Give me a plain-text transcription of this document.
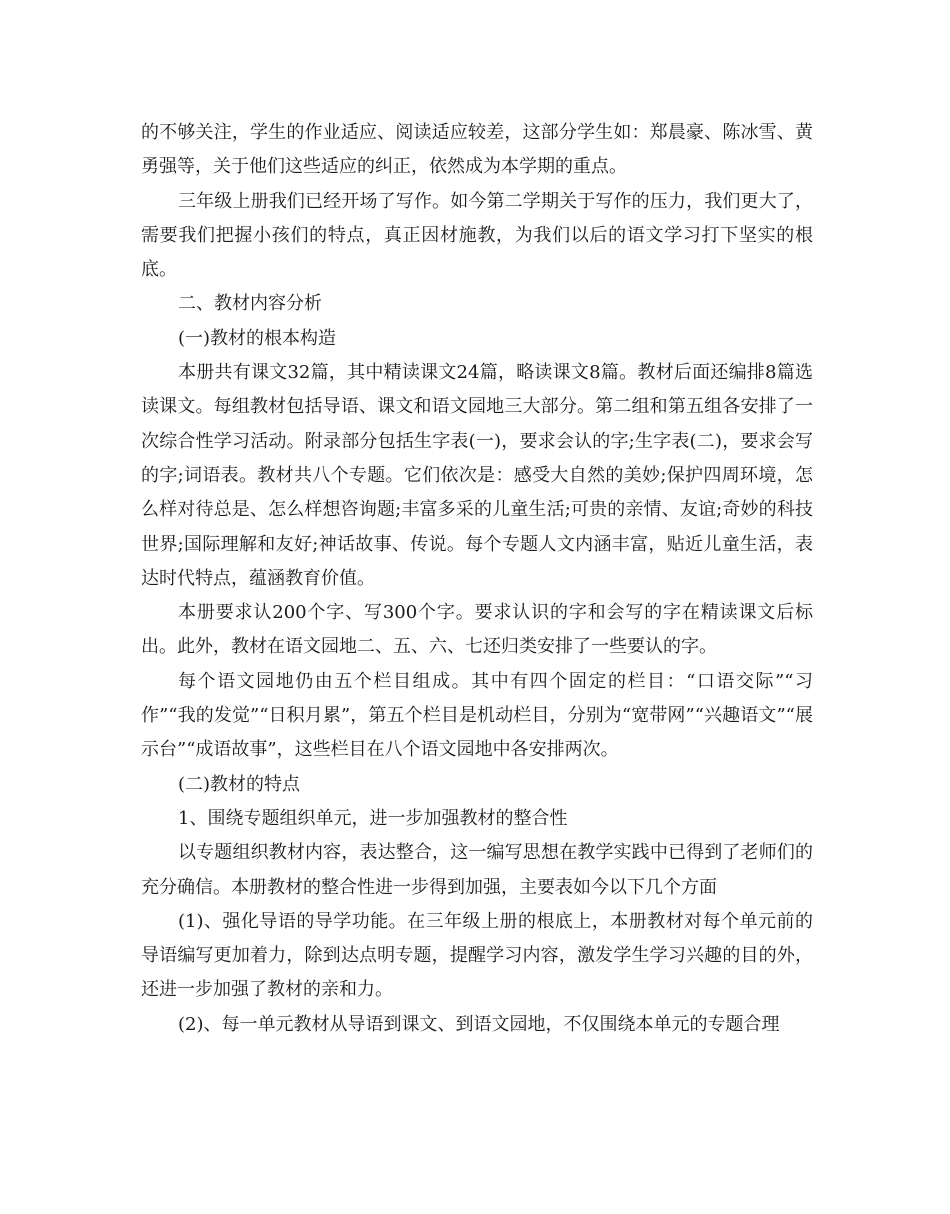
的不够关注，学生的作业适应、阅读适应较差，这部分学生如：郑晨豪、陈冰雪、黄勇强等，关于他们这些适应的纠正，依然成为本学期的重点。

三年级上册我们已经开场了写作。如今第二学期关于写作的压力，我们更大了，需要我们把握小孩们的特点，真正因材施教，为我们以后的语文学习打下坚实的根底。

二、教材内容分析

(一)教材的根本构造

本册共有课文32篇，其中精读课文24篇，略读课文8篇。教材后面还编排8篇选读课文。每组教材包括导语、课文和语文园地三大部分。第二组和第五组各安排了一次综合性学习活动。附录部分包括生字表(一)，要求会认的字;生字表(二)，要求会写的字;词语表。教材共八个专题。它们依次是：感受大自然的美妙;保护四周环境，怎么样对待总是、怎么样想咨询题;丰富多采的儿童生活;可贵的亲情、友谊;奇妙的科技世界;国际理解和友好;神话故事、传说。每个专题人文内涵丰富，贴近儿童生活，表达时代特点，蕴涵教育价值。

本册要求认200个字、写300个字。要求认识的字和会写的字在精读课文后标出。此外，教材在语文园地二、五、六、七还归类安排了一些要认的字。

每个语文园地仍由五个栏目组成。其中有四个固定的栏目：“口语交际”“习作”“我的发觉”“日积月累”，第五个栏目是机动栏目，分别为“宽带网”“兴趣语文”“展示台”“成语故事”，这些栏目在八个语文园地中各安排两次。

(二)教材的特点

1、围绕专题组织单元，进一步加强教材的整合性

以专题组织教材内容，表达整合，这一编写思想在教学实践中已得到了老师们的充分确信。本册教材的整合性进一步得到加强，主要表如今以下几个方面

(1)、强化导语的导学功能。在三年级上册的根底上，本册教材对每个单元前的导语编写更加着力，除到达点明专题，提醒学习内容，激发学生学习兴趣的目的外，还进一步加强了教材的亲和力。

(2)、每一单元教材从导语到课文、到语文园地，不仅围绕本单元的专题合理
